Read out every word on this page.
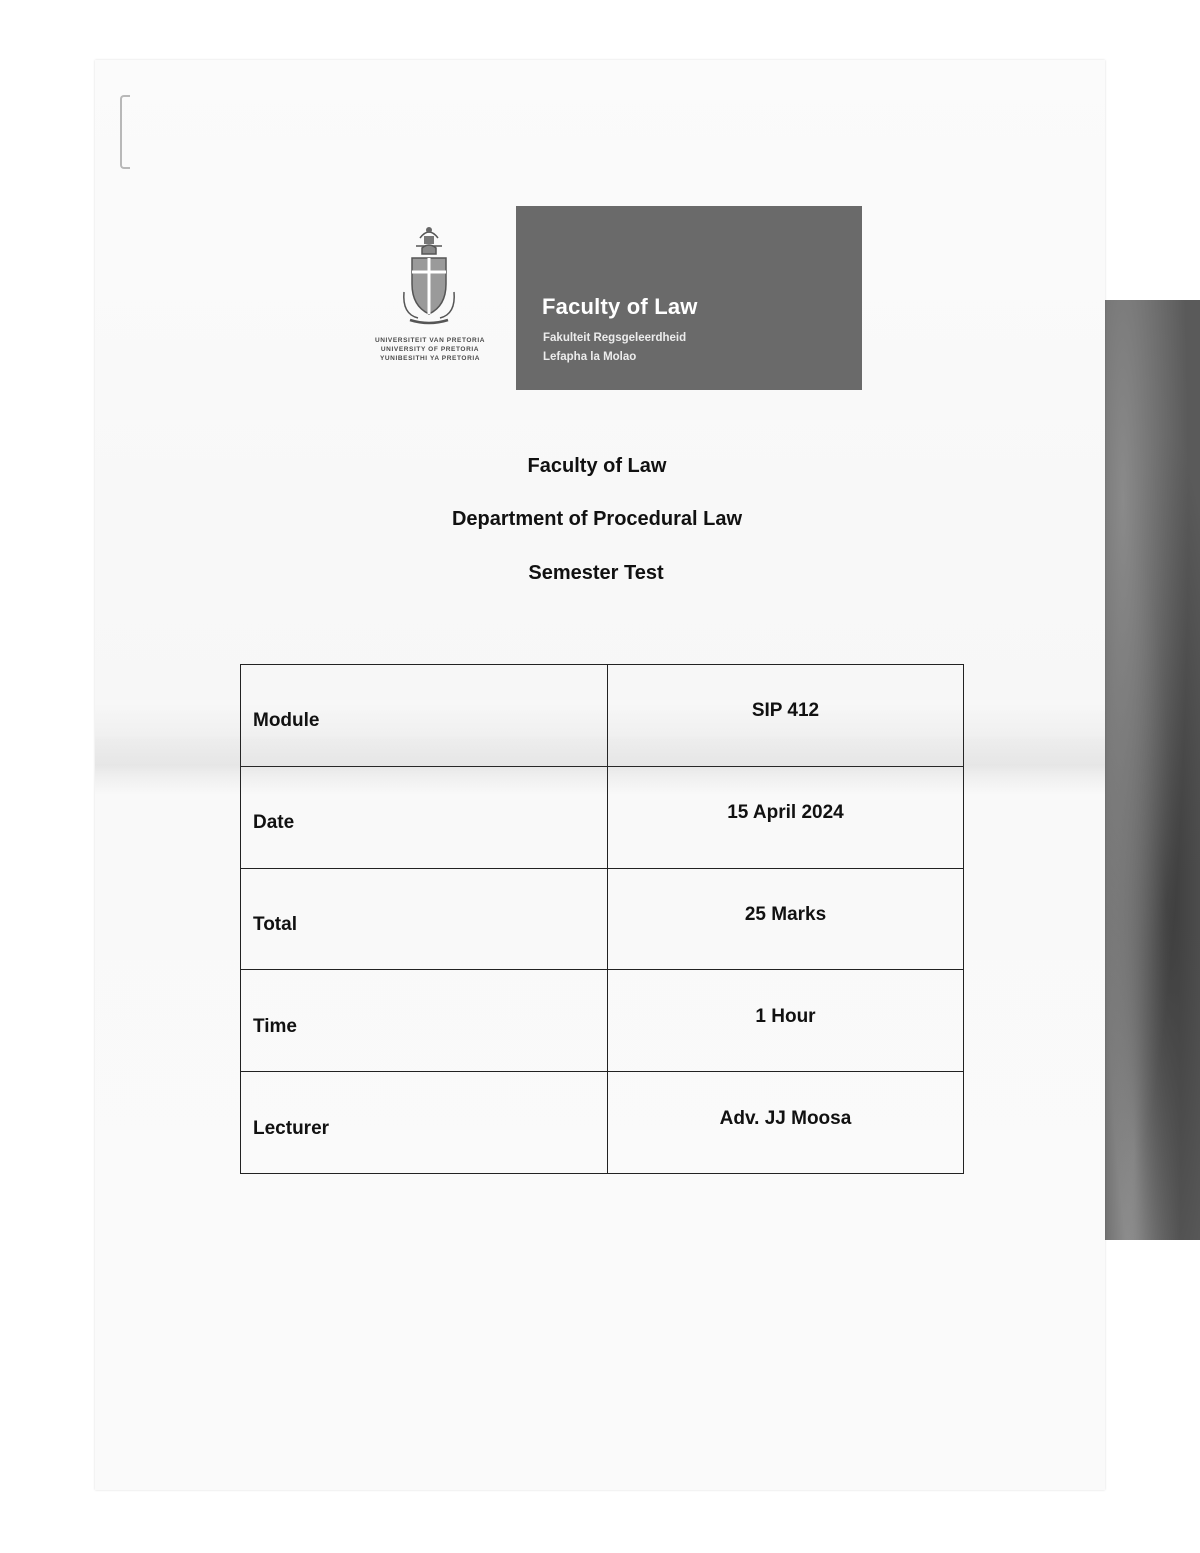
UNIVERSITEIT VAN PRETORIA
UNIVERSITY OF PRETORIA
YUNIBESITHI YA PRETORIA
Faculty of Law
Fakulteit Regsgeleerdheid
Lefapha la Molao
Faculty of Law
Department of Procedural Law
Semester Test
Module	SIP 412
Date	15 April 2024
Total	25 Marks
Time	1 Hour
Lecturer	Adv. JJ Moosa
